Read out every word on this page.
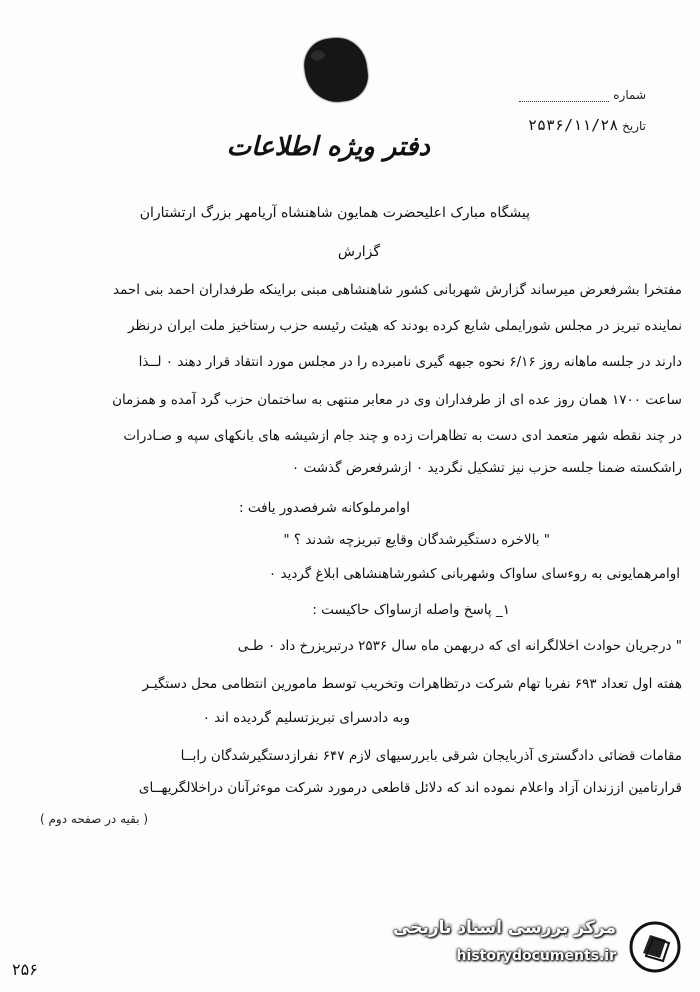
شماره
تاریخ ۲۵۳۶/۱۱/۲۸
دفتر ویژه اطلاعات
پیشگاه مبارک اعلیحضرت همایون شاهنشاه آریامهر بزرگ ارتشتاران
گزارش
مفتخرا بشرفعرض میرساند گزارش شهربانی کشور شاهنشاهی مبنی براینکه طرفداران احمد بنی احمد
نماینده تبریز در مجلس شورایملی شایع کرده بودند که هیئت رئیسه حزب رستاخیز ملت ایران درنظر
دارند در جلسه ماهانه روز ۶/۱۶ نحوه جبهه گیری نامبرده را در مجلس مورد انتقاد قرار دهند ۰ لــذا
ساعت ۱۷۰۰ همان روز عده ای از طرفداران وی در معابر منتهی به ساختمان حزب گرد آمده و همزمان
در چند نقطه شهر متعمد ادی دست به تظاهرات زده و چند جام ازشیشه های بانکهای سپه و صـادرات
راشکسته ضمنا جلسه حزب نیز تشکیل نگردید ۰ ازشرفعرض گذشت ۰
اوامرملوکانه شرفصدور یافت :
" بالاخره دستگیرشدگان وقایع تبریزچه شدند ؟ "
اوامرهمایونی به روءسای ساواک وشهربانی کشورشاهنشاهی ابلاغ گردید ۰
۱_ پاسخ واصله ازساواک حاکیست :
" درجریان حوادث اخلالگرانه ای که دربهمن ماه سال ۲۵۳۶ درتبریزرخ داد ۰ طـی
هفته اول تعداد ۶۹۳ نفربا تهام شرکت درتظاهرات وتخریب توسط مامورین انتظامی محل دستگیـر
وبه دادسرای تبریزتسلیم گردیده اند ۰
مقامات قضائی دادگستری آذربایجان شرقی بابررسیهای لازم ۶۴۷ نفرازدستگیرشدگان رابــا
قرارتامین اززندان آزاد واعلام نموده اند که دلائل قاطعی درمورد شرکت موءثرآنان دراخلالگریهــای
( بقیه در صفحه دوم )
مرکز بررسی اسناد تاریخی
historydocuments.ir
۲۵۶
